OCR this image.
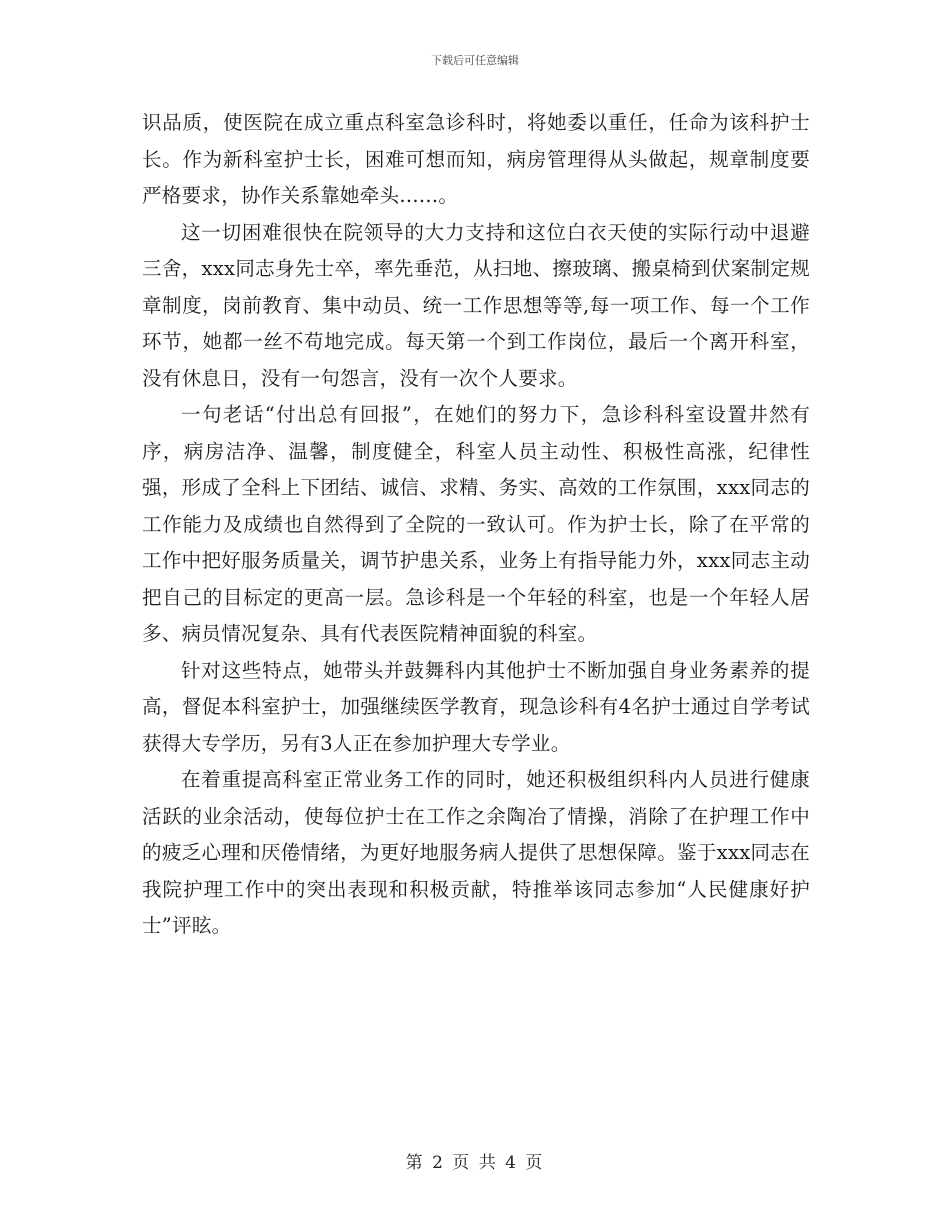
下载后可任意编辑

识品质，使医院在成立重点科室急诊科时，将她委以重任，任命为该科护士长。作为新科室护士长，困难可想而知，病房管理得从头做起，规章制度要严格要求，协作关系靠她牵头......。

这一切困难很快在院领导的大力支持和这位白衣天使的实际行动中退避三舍，xxx同志身先士卒，率先垂范，从扫地、擦玻璃、搬桌椅到伏案制定规章制度，岗前教育、集中动员、统一工作思想等等,每一项工作、每一个工作环节，她都一丝不苟地完成。每天第一个到工作岗位，最后一个离开科室，没有休息日，没有一句怨言，没有一次个人要求。

一句老话“付出总有回报”，在她们的努力下，急诊科科室设置井然有序，病房洁净、温馨，制度健全，科室人员主动性、积极性高涨，纪律性强，形成了全科上下团结、诚信、求精、务实、高效的工作氛围，xxx同志的工作能力及成绩也自然得到了全院的一致认可。作为护士长，除了在平常的工作中把好服务质量关，调节护患关系，业务上有指导能力外，xxx同志主动把自己的目标定的更高一层。急诊科是一个年轻的科室，也是一个年轻人居多、病员情况复杂、具有代表医院精神面貌的科室。

针对这些特点，她带头并鼓舞科内其他护士不断加强自身业务素养的提高，督促本科室护士，加强继续医学教育，现急诊科有4名护士通过自学考试获得大专学历，另有3人正在参加护理大专学业。

在着重提高科室正常业务工作的同时，她还积极组织科内人员进行健康活跃的业余活动，使每位护士在工作之余陶冶了情操，消除了在护理工作中的疲乏心理和厌倦情绪，为更好地服务病人提供了思想保障。鉴于xxx同志在我院护理工作中的突出表现和积极贡献，特推举该同志参加“人民健康好护士”评眩。

第 2 页 共 4 页
